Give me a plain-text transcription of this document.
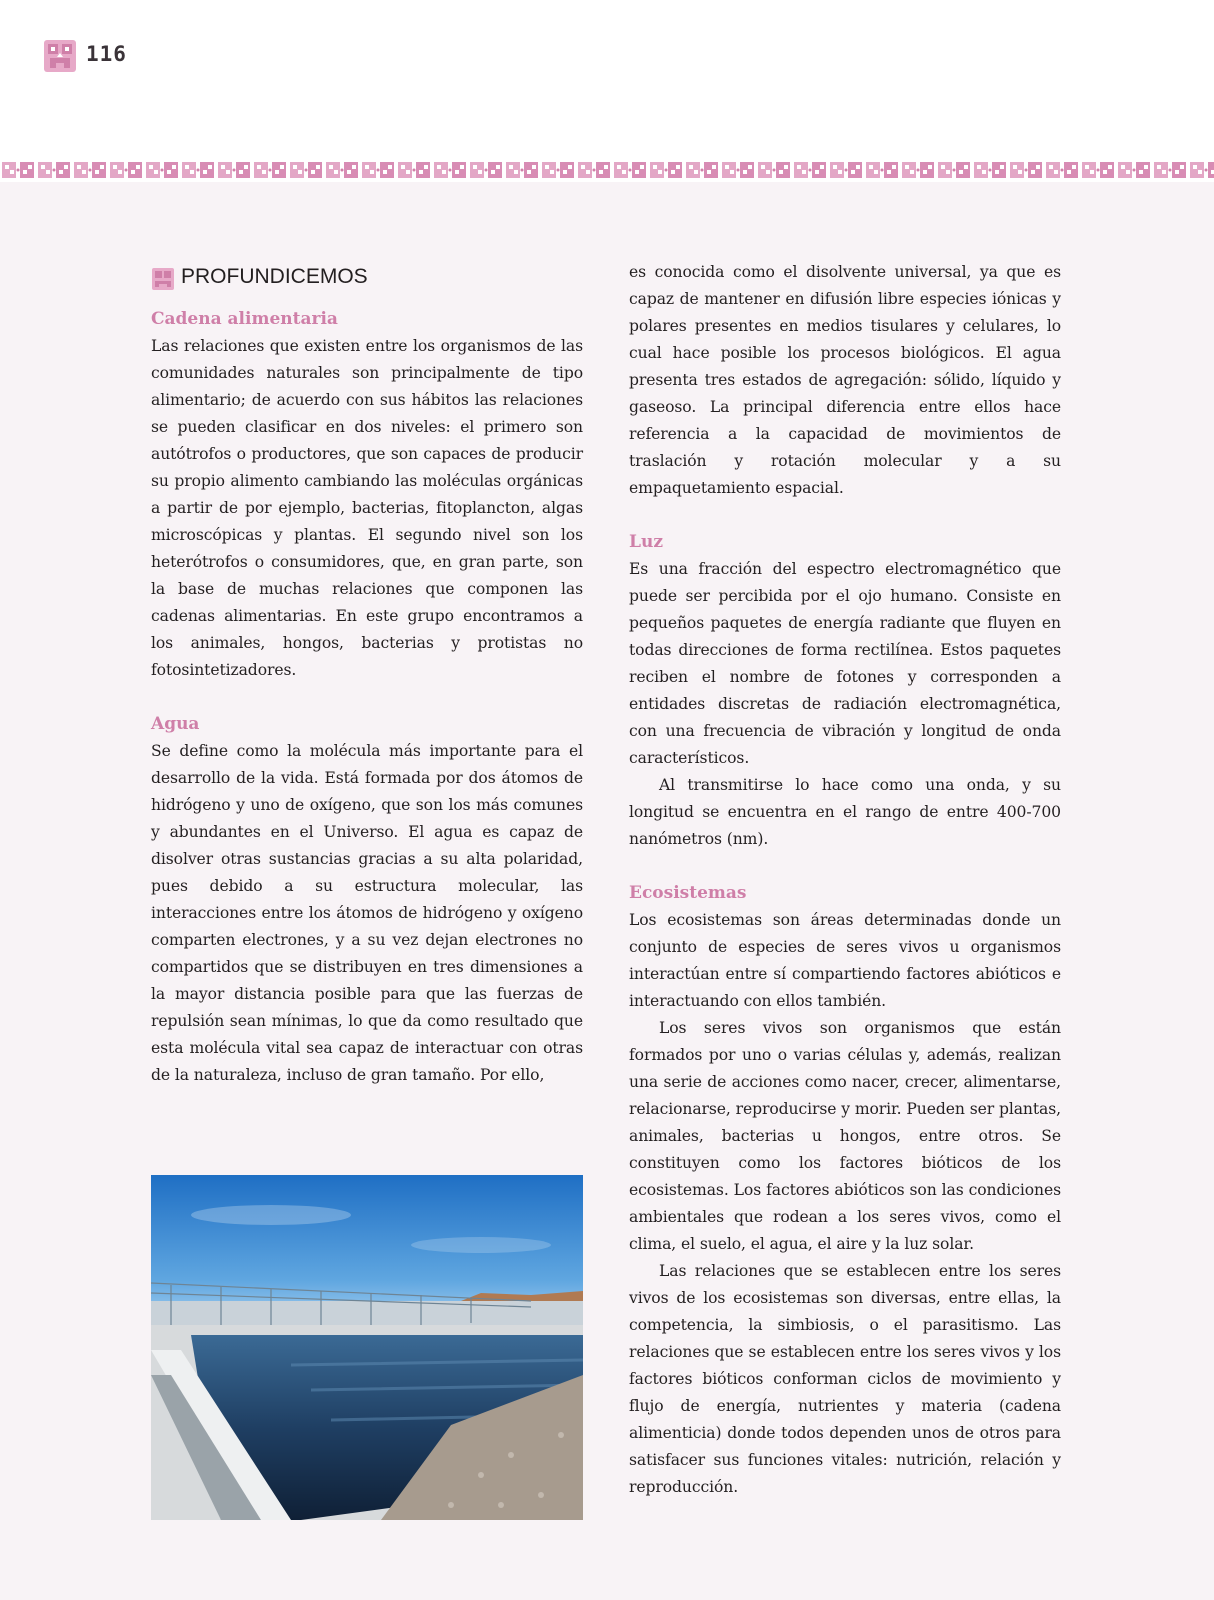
116
PROFUNDICEMOS
Cadena alimentaria

Las relaciones que existen entre los organismos de las comunidades naturales son principalmente de tipo alimentario; de acuerdo con sus hábitos las relaciones se pueden clasificar en dos niveles: el primero son autótrofos o productores, que son capaces de producir su propio alimento cambiando las moléculas orgánicas a partir de por ejemplo, bacterias, fitoplancton, algas microscópicas y plantas. El segundo nivel son los heterótrofos o consumidores, que, en gran parte, son la base de muchas relaciones que componen las cadenas alimentarias. En este grupo encontramos a los animales, hongos, bacterias y protistas no fotosintetizadores.

Agua

Se define como la molécula más importante para el desarrollo de la vida. Está formada por dos átomos de hidrógeno y uno de oxígeno, que son los más comunes y abundantes en el Universo. El agua es capaz de disolver otras sustancias gracias a su alta polaridad, pues debido a su estructura molecular, las interacciones entre los átomos de hidrógeno y oxígeno comparten electrones, y a su vez dejan electrones no compartidos que se distribuyen en tres dimensiones a la mayor distancia posible para que las fuerzas de repulsión sean mínimas, lo que da como resultado que esta molécula vital sea capaz de interactuar con otras de la naturaleza, incluso de gran tamaño. Por ello,

es conocida como el disolvente universal, ya que es capaz de mantener en difusión libre especies iónicas y polares presentes en medios tisulares y celulares, lo cual hace posible los procesos biológicos. El agua presenta tres estados de agregación: sólido, líquido y gaseoso. La principal diferencia entre ellos hace referencia a la capacidad de movimientos de traslación y rotación molecular y a su empaquetamiento espacial.

Luz

Es una fracción del espectro electromagnético que puede ser percibida por el ojo humano. Consiste en pequeños paquetes de energía radiante que fluyen en todas direcciones de forma rectilínea. Estos paquetes reciben el nombre de fotones y corresponden a entidades discretas de radiación electromagnética, con una frecuencia de vibración y longitud de onda característicos.

Al transmitirse lo hace como una onda, y su longitud se encuentra en el rango de entre 400-700 nanómetros (nm).

Ecosistemas

Los ecosistemas son áreas determinadas donde un conjunto de especies de seres vivos u organismos interactúan entre sí compartiendo factores abióticos e interactuando con ellos también.

Los seres vivos son organismos que están formados por uno o varias células y, además, realizan una serie de acciones como nacer, crecer, alimentarse, relacionarse, reproducirse y morir. Pueden ser plantas, animales, bacterias u hongos, entre otros. Se constituyen como los factores bióticos de los ecosistemas. Los factores abióticos son las condiciones ambientales que rodean a los seres vivos, como el clima, el suelo, el agua, el aire y la luz solar.

Las relaciones que se establecen entre los seres vivos de los ecosistemas son diversas, entre ellas, la competencia, la simbiosis, o el parasitismo. Las relaciones que se establecen entre los seres vivos y los factores bióticos conforman ciclos de movimiento y flujo de energía, nutrientes y materia (cadena alimenticia) donde todos dependen unos de otros para satisfacer sus funciones vitales: nutrición, relación y reproducción.
